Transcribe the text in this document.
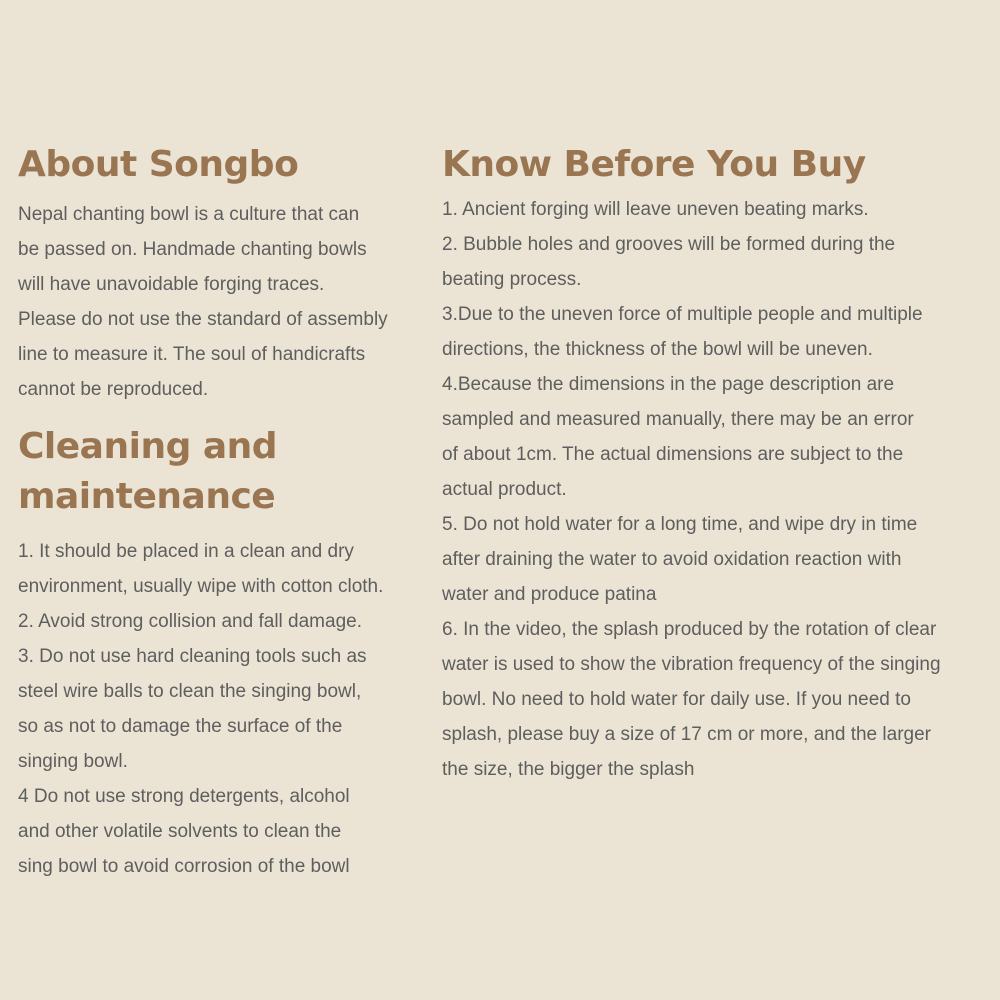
About Songbo

Nepal chanting bowl is a culture that can
be passed on. Handmade chanting bowls
will have unavoidable forging traces.
Please do not use the standard of assembly
line to measure it. The soul of handicrafts
cannot be reproduced.

Cleaning and
maintenance

1. It should be placed in a clean and dry
environment, usually wipe with cotton cloth.
2. Avoid strong collision and fall damage.
3. Do not use hard cleaning tools such as
steel wire balls to clean the singing bowl,
so as not to damage the surface of the
singing bowl.
4 Do not use strong detergents, alcohol
and other volatile solvents to clean the
sing bowl to avoid corrosion of the bowl

Know Before You Buy

1. Ancient forging will leave uneven beating marks.
2. Bubble holes and grooves will be formed during the
beating process.
3.Due to the uneven force of multiple people and multiple
directions, the thickness of the bowl will be uneven.
4.Because the dimensions in the page description are
sampled and measured manually, there may be an error
of about 1cm. The actual dimensions are subject to the
actual product.
5. Do not hold water for a long time, and wipe dry in time
after draining the water to avoid oxidation reaction with
water and produce patina
6. In the video, the splash produced by the rotation of clear
water is used to show the vibration frequency of the singing
bowl. No need to hold water for daily use. If you need to
splash, please buy a size of 17 cm or more, and the larger
the size, the bigger the splash
